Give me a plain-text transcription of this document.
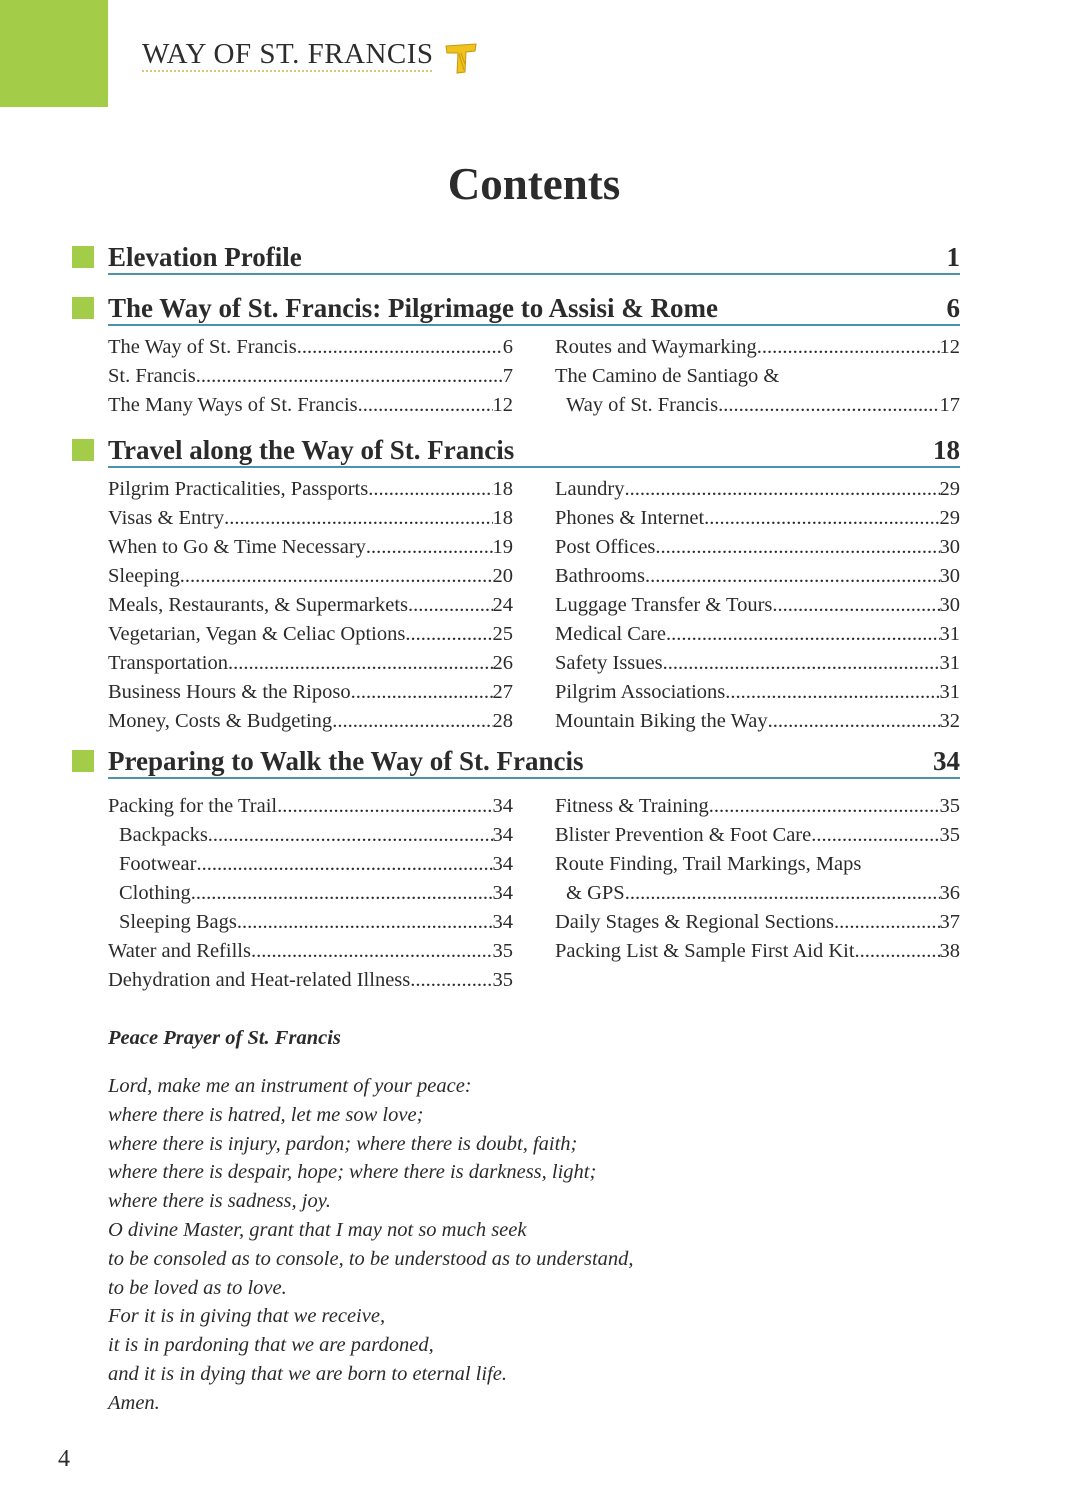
WAY OF ST. FRANCIS
Contents
Elevation Profile	1
The Way of St. Francis: Pilgrimage to Assisi & Rome	6
The Way of St. Francis .....	6
St. Francis .....	7
The Many Ways of St. Francis .....	12
Routes and Waymarking .....	12
The Camino de Santiago &
Way of St. Francis .....	17
Travel along the Way of St. Francis	18
Pilgrim Practicalities, Passports .....	18
Visas & Entry .....	18
When to Go & Time Necessary .....	19
Sleeping .....	20
Meals, Restaurants, & Supermarkets .....	24
Vegetarian, Vegan & Celiac Options .....	25
Transportation .....	26
Business Hours & the Riposo .....	27
Money, Costs & Budgeting .....	28
Laundry .....	29
Phones & Internet .....	29
Post Offices .....	30
Bathrooms .....	30
Luggage Transfer & Tours .....	30
Medical Care .....	31
Safety Issues .....	31
Pilgrim Associations .....	31
Mountain Biking the Way .....	32
Preparing to Walk the Way of St. Francis	34
Packing for the Trail .....	34
Backpacks .....	34
Footwear .....	34
Clothing .....	34
Sleeping Bags .....	34
Water and Refills .....	35
Dehydration and Heat-related Illness .....	35
Fitness & Training .....	35
Blister Prevention & Foot Care .....	35
Route Finding, Trail Markings, Maps
& GPS .....	36
Daily Stages & Regional Sections .....	37
Packing List & Sample First Aid Kit .....	38
Peace Prayer of St. Francis
Lord, make me an instrument of your peace:
where there is hatred, let me sow love;
where there is injury, pardon; where there is doubt, faith;
where there is despair, hope; where there is darkness, light;
where there is sadness, joy.
O divine Master, grant that I may not so much seek
to be consoled as to console, to be understood as to understand,
to be loved as to love.
For it is in giving that we receive,
it is in pardoning that we are pardoned,
and it is in dying that we are born to eternal life.
Amen.
4
